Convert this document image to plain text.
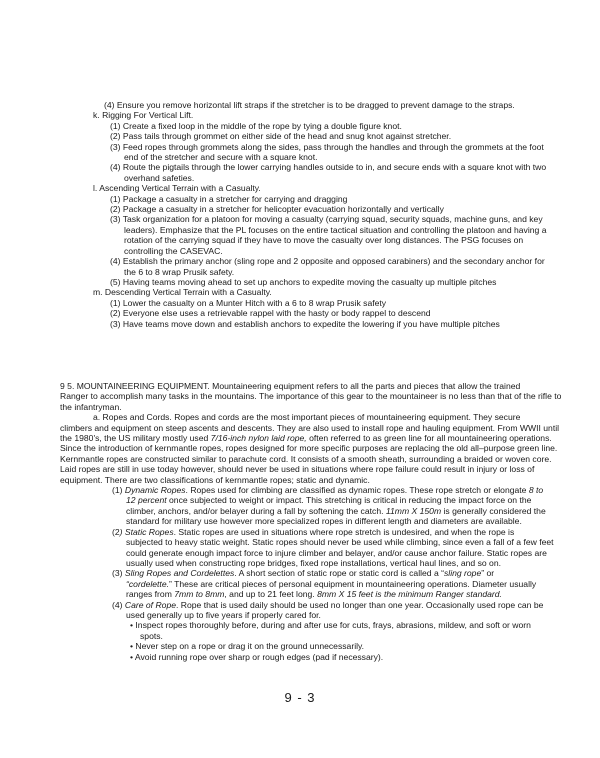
(4) Ensure you remove horizontal lift straps if the stretcher is to be dragged to prevent damage to the straps.

k. Rigging For Vertical Lift.

(1) Create a fixed loop in the middle of the rope by tying a double figure knot.

(2) Pass tails through grommet on either side of the head and snug knot against stretcher.

(3) Feed ropes through grommets along the sides, pass through the handles and through the grommets at the foot

end of the stretcher and secure with a square knot.

(4) Route the pigtails through the lower carrying handles outside to in, and secure ends with a square knot with two

overhand safeties.

l. Ascending Vertical Terrain with a Casualty.

(1) Package a casualty in a stretcher for carrying and dragging

(2) Package a casualty in a stretcher for helicopter evacuation horizontally and vertically

(3) Task organization for a platoon for moving a casualty (carrying squad, security squads, machine guns, and key

leaders). Emphasize that the PL focuses on the entire tactical situation and controlling the platoon and having a

rotation of the carrying squad if they have to move the casualty over long distances. The PSG focuses on

controlling the CASEVAC.

(4) Establish the primary anchor (sling rope and 2 opposite and opposed carabiners) and the secondary anchor for

the 6 to 8 wrap Prusik safety.

(5) Having teams moving ahead to set up anchors to expedite moving the casualty up multiple pitches

m. Descending Vertical Terrain with a Casualty.

(1) Lower the casualty on a Munter Hitch with a 6 to 8 wrap Prusik safety

(2) Everyone else uses a retrievable rappel with the hasty or body rappel to descend

(3) Have teams move down and establish anchors to expedite the lowering if you have multiple pitches

9 5. MOUNTAINEERING EQUIPMENT. Mountaineering equipment refers to all the parts and pieces that allow the trained

Ranger to accomplish many tasks in the mountains. The importance of this gear to the mountaineer is no less than that of the rifle to

the infantryman.

a. Ropes and Cords. Ropes and cords are the most important pieces of mountaineering equipment. They secure

climbers and equipment on steep ascents and descents. They are also used to install rope and hauling equipment. From WWII until

the 1980's, the US military mostly used 7/16-inch nylon laid rope, often referred to as green line for all mountaineering operations.

Since the introduction of kernmantle ropes, ropes designed for more specific purposes are replacing the old all–purpose green line.

Kernmantle ropes are constructed similar to parachute cord. It consists of a smooth sheath, surrounding a braided or woven core.

Laid ropes are still in use today however, should never be used in situations where rope failure could result in injury or loss of

equipment. There are two classifications of kernmantle ropes; static and dynamic.

(1) Dynamic Ropes. Ropes used for climbing are classified as dynamic ropes. These rope stretch or elongate 8 to

12 percent once subjected to weight or impact. This stretching is critical in reducing the impact force on the

climber, anchors, and/or belayer during a fall by softening the catch. 11mm X 150m is generally considered the

standard for military use however more specialized ropes in different length and diameters are available.

(2) Static Ropes. Static ropes are used in situations where rope stretch is undesired, and when the rope is

subjected to heavy static weight. Static ropes should never be used while climbing, since even a fall of a few feet

could generate enough impact force to injure climber and belayer, and/or cause anchor failure. Static ropes are

usually used when constructing rope bridges, fixed rope installations, vertical haul lines, and so on.

(3) Sling Ropes and Cordelettes. A short section of static rope or static cord is called a “sling rope” or

“cordelette.” These are critical pieces of personal equipment in mountaineering operations. Diameter usually

ranges from 7mm to 8mm, and up to 21 feet long. 8mm X 15 feet is the minimum Ranger standard.

(4) Care of Rope. Rope that is used daily should be used no longer than one year. Occasionally used rope can be

used generally up to five years if properly cared for.

• Inspect ropes thoroughly before, during and after use for cuts, frays, abrasions, mildew, and soft or worn

spots.

• Never step on a rope or drag it on the ground unnecessarily.

• Avoid running rope over sharp or rough edges (pad if necessary).

9 - 3
